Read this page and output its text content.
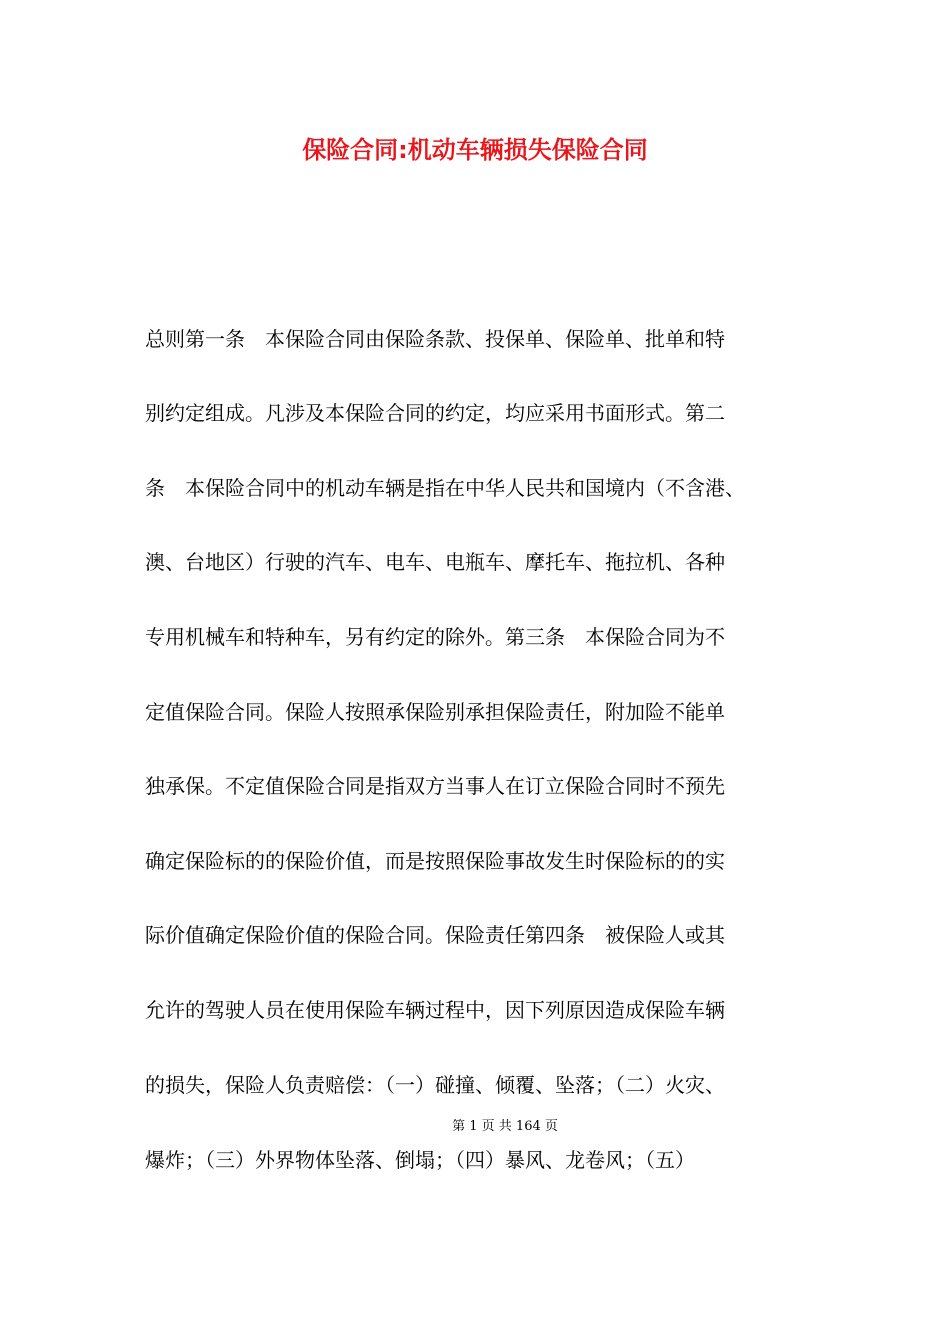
保险合同:机动车辆损失保险合同

总则第一条　本保险合同由保险条款、投保单、保险单、批单和特

别约定组成。凡涉及本保险合同的约定，均应采用书面形式。第二

条　本保险合同中的机动车辆是指在中华人民共和国境内（不含港、

澳、台地区）行驶的汽车、电车、电瓶车、摩托车、拖拉机、各种

专用机械车和特种车，另有约定的除外。第三条　本保险合同为不

定值保险合同。保险人按照承保险别承担保险责任，附加险不能单

独承保。不定值保险合同是指双方当事人在订立保险合同时不预先

确定保险标的的保险价值，而是按照保险事故发生时保险标的的实

际价值确定保险价值的保险合同。保险责任第四条　被保险人或其

允许的驾驶人员在使用保险车辆过程中，因下列原因造成保险车辆

的损失，保险人负责赔偿：（一）碰撞、倾覆、坠落；（二）火灾、

爆炸；（三）外界物体坠落、倒塌；（四）暴风、龙卷风；（五）

第 1 页 共 164 页
